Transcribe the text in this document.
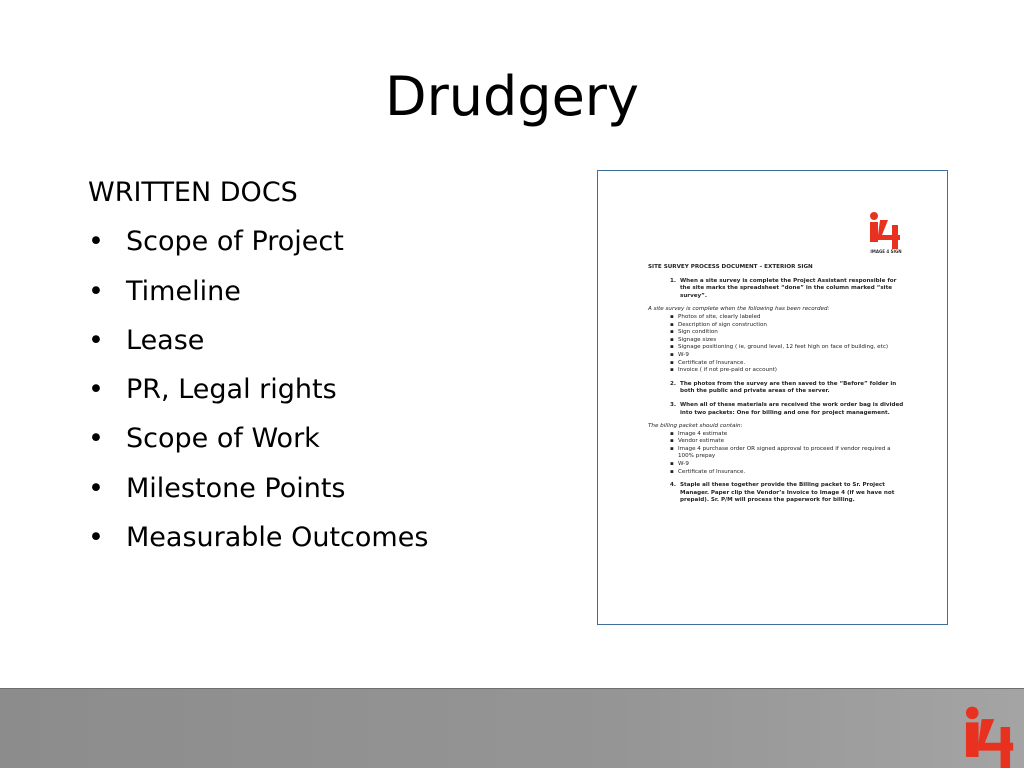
Drudgery
WRITTEN DOCS
• Scope of Project
• Timeline
• Lease
• PR, Legal rights
• Scope of Work
• Milestone Points
• Measurable Outcomes
IMAGE 4 SIGN
SITE SURVEY PROCESS DOCUMENT – EXTERIOR SIGN
1. When a site survey is complete the Project Assistant responsible for the site marks the spreadsheet “done” in the column marked “site survey”.
A site survey is complete when the following has been recorded:
▪ Photos of site, clearly labeled
▪ Description of sign construction
▪ Sign condition
▪ Signage sizes
▪ Signage positioning ( ie, ground level, 12 feet high on face of building, etc)
▪ W-9
▪ Certificate of Insurance.
▪ Invoice ( if not pre-paid or account)
2. The photos from the survey are then saved to the “Before” folder in both the public and private areas of the server.
3. When all of these materials are received the work order bag is divided into two packets: One for billing and one for project management.
The billing packet should contain:
▪ Image 4 estimate
▪ Vendor estimate
▪ Image 4 purchase order OR signed approval to proceed if vendor required a 100% prepay
▪ W-9
▪ Certificate of Insurance.
4. Staple all these together provide the Billing packet to Sr. Project Manager. Paper clip the Vendor’s Invoice to Image 4 (if we have not prepaid). Sr. P/M will process the paperwork for billing.
